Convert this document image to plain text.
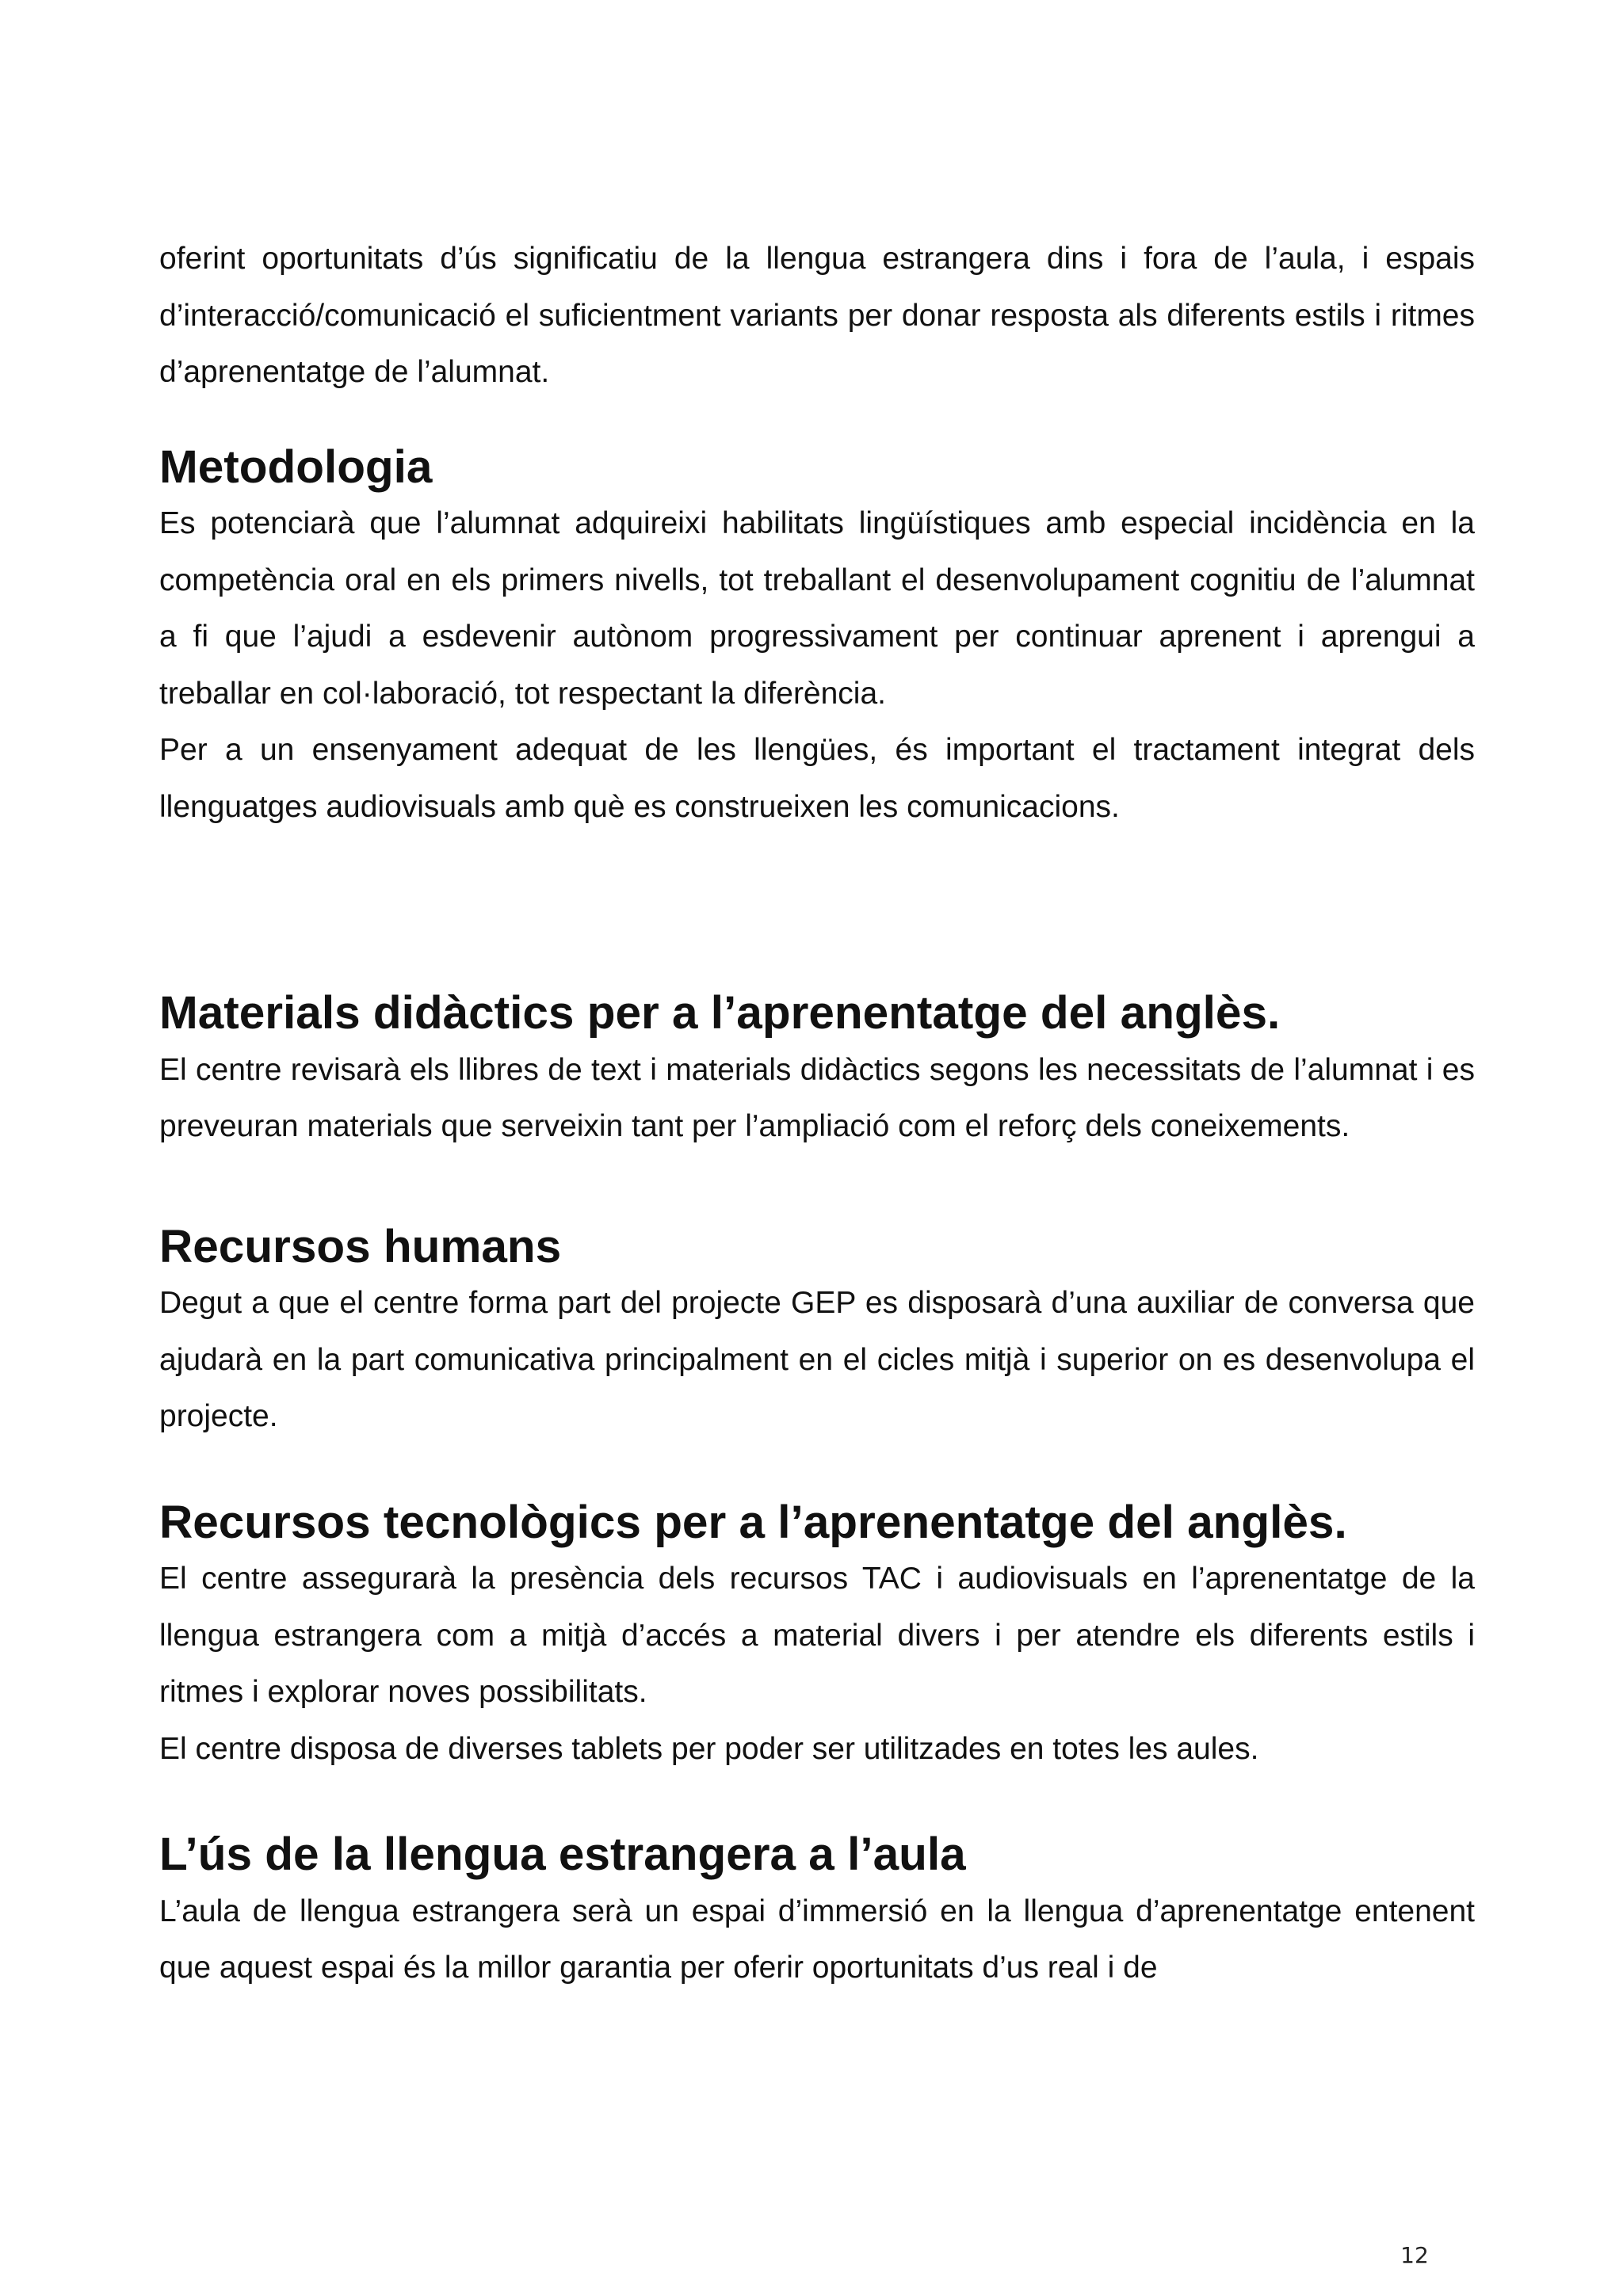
oferint oportunitats d’ús significatiu de la llengua estrangera dins i fora de l’aula, i espais d’interacció/comunicació el suficientment variants per donar resposta als diferents estils i ritmes d’aprenentatge de l’alumnat.

Metodologia

Es potenciarà que l’alumnat adquireixi habilitats lingüístiques amb especial incidència en la competència oral en els primers nivells, tot treballant el desenvolupament cognitiu de l’alumnat a fi que l’ajudi a esdevenir autònom progressivament per continuar aprenent i aprengui a treballar en col·laboració, tot respectant la diferència.

Per a un ensenyament adequat de les llengües, és important el tractament integrat dels llenguatges audiovisuals amb què es construeixen les comunicacions.

Materials didàctics per a l’aprenentatge del anglès.

El centre revisarà els llibres de text i materials didàctics segons les necessitats de l’alumnat i es preveuran materials que serveixin tant per l’ampliació com el reforç dels coneixements.

Recursos humans

Degut a que el centre forma part del projecte GEP es disposarà d’una auxiliar de conversa que ajudarà en la part comunicativa principalment en el cicles mitjà i superior on es desenvolupa el projecte.

Recursos tecnològics per a l’aprenentatge del anglès.

El centre assegurarà la presència dels recursos TAC i audiovisuals en l’aprenentatge de la llengua estrangera com a mitjà d’accés a material divers i per atendre els diferents estils i ritmes i explorar noves possibilitats.

El centre disposa de diverses tablets per poder ser utilitzades en totes les aules.

L’ús de la llengua estrangera a l’aula

L’aula de llengua estrangera serà un espai d’immersió en la llengua d’aprenentatge entenent que aquest espai és la millor garantia per oferir oportunitats d’us real i de

12
